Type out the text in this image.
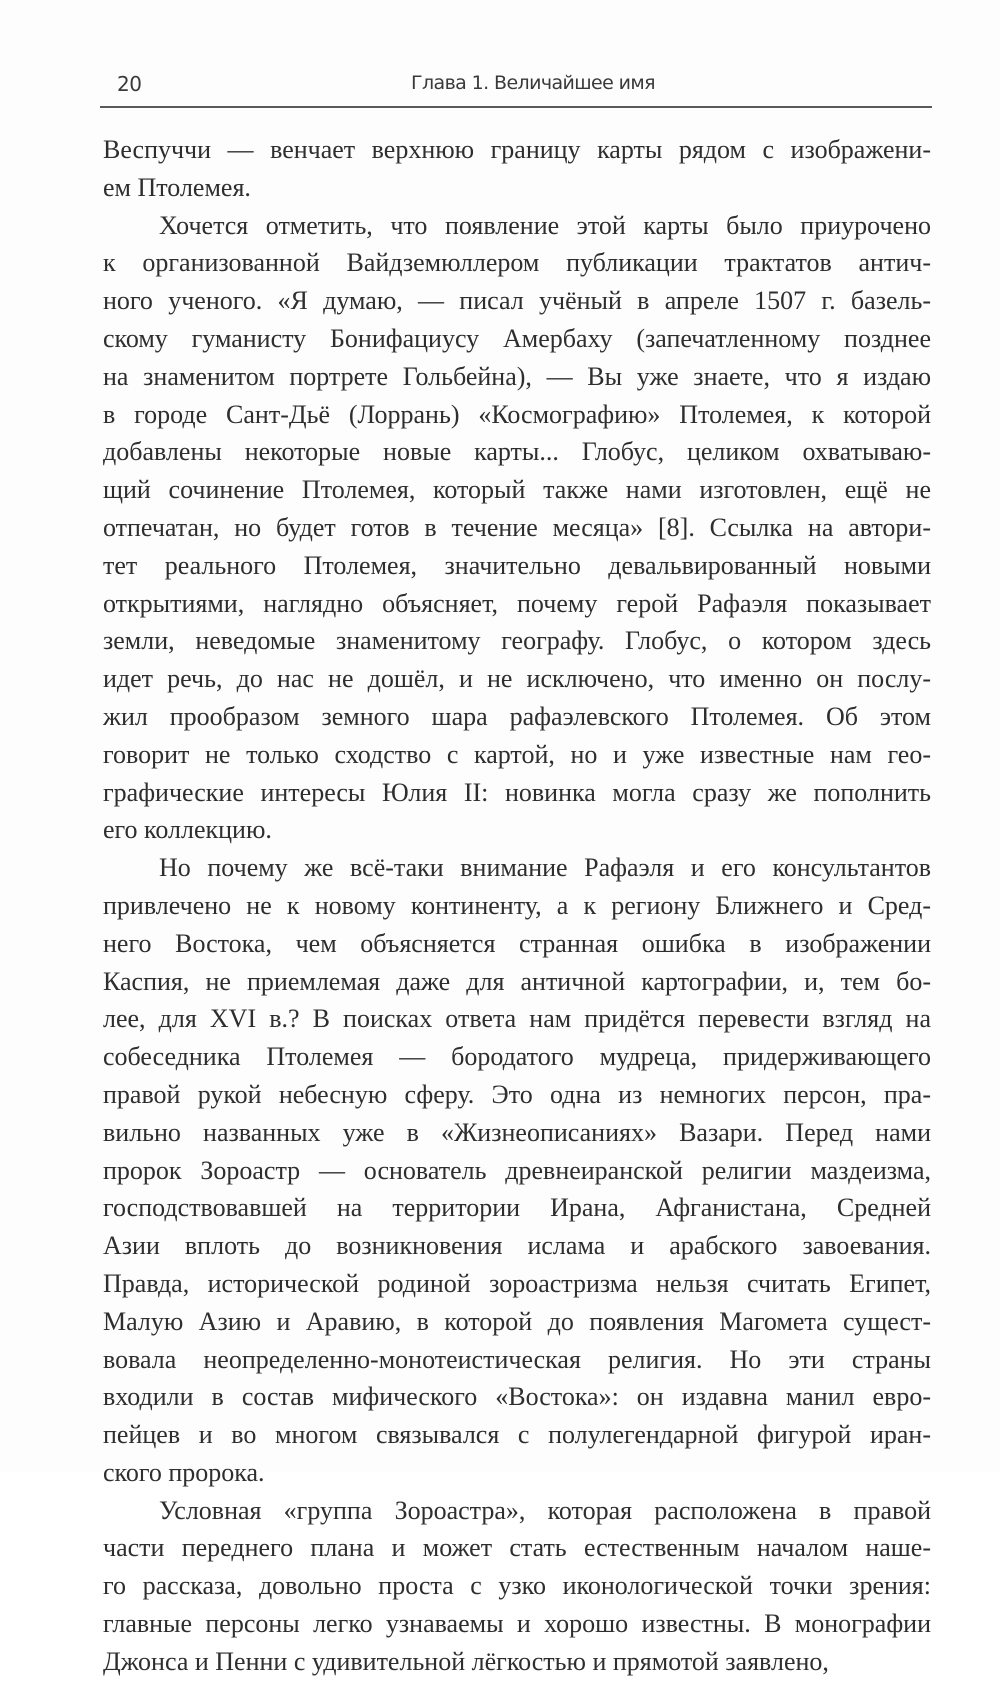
20	Глава 1. Величайшее имя
Веспуччи — венчает верхнюю границу карты рядом с изображени-
ем Птолемея.
Хочется отметить, что появление этой карты было приурочено
к организованной Вайдземюллером публикации трактатов антич-
ного ученого. «Я думаю, — писал учёный в апреле 1507 г. базель-
скому гуманисту Бонифациусу Амербаху (запечатленному позднее
на знаменитом портрете Гольбейна), — Вы уже знаете, что я издаю
в городе Сант-Дьё (Лоррань) «Космографию» Птолемея, к которой
добавлены некоторые новые карты... Глобус, целиком охватываю-
щий сочинение Птолемея, который также нами изготовлен, ещё не
отпечатан, но будет готов в течение месяца» [8]. Ссылка на автори-
тет реального Птолемея, значительно девальвированный новыми
открытиями, наглядно объясняет, почему герой Рафаэля показывает
земли, неведомые знаменитому географу. Глобус, о котором здесь
идет речь, до нас не дошёл, и не исключено, что именно он послу-
жил прообразом земного шара рафаэлевского Птолемея. Об этом
говорит не только сходство с картой, но и уже известные нам гео-
графические интересы Юлия II: новинка могла сразу же пополнить
его коллекцию.
Но почему же всё-таки внимание Рафаэля и его консультантов
привлечено не к новому континенту, а к региону Ближнего и Сред-
него Востока, чем объясняется странная ошибка в изображении
Каспия, не приемлемая даже для античной картографии, и, тем бо-
лее, для XVI в.? В поисках ответа нам придётся перевести взгляд на
собеседника Птолемея — бородатого мудреца, придерживающего
правой рукой небесную сферу. Это одна из немногих персон, пра-
вильно названных уже в «Жизнеописаниях» Вазари. Перед нами
пророк Зороастр — основатель древнеиранской религии маздеизма,
господствовавшей на территории Ирана, Афганистана, Средней
Азии вплоть до возникновения ислама и арабского завоевания.
Правда, исторической родиной зороастризма нельзя считать Египет,
Малую Азию и Аравию, в которой до появления Магомета сущест-
вовала неопределенно-монотеистическая религия. Но эти страны
входили в состав мифического «Востока»: он издавна манил евро-
пейцев и во многом связывался с полулегендарной фигурой иран-
ского пророка.
Условная «группа Зороастра», которая расположена в правой
части переднего плана и может стать естественным началом наше-
го рассказа, довольно проста с узко иконологической точки зрения:
главные персоны легко узнаваемы и хорошо известны. В монографии
Джонса и Пенни с удивительной лёгкостью и прямотой заявлено,
